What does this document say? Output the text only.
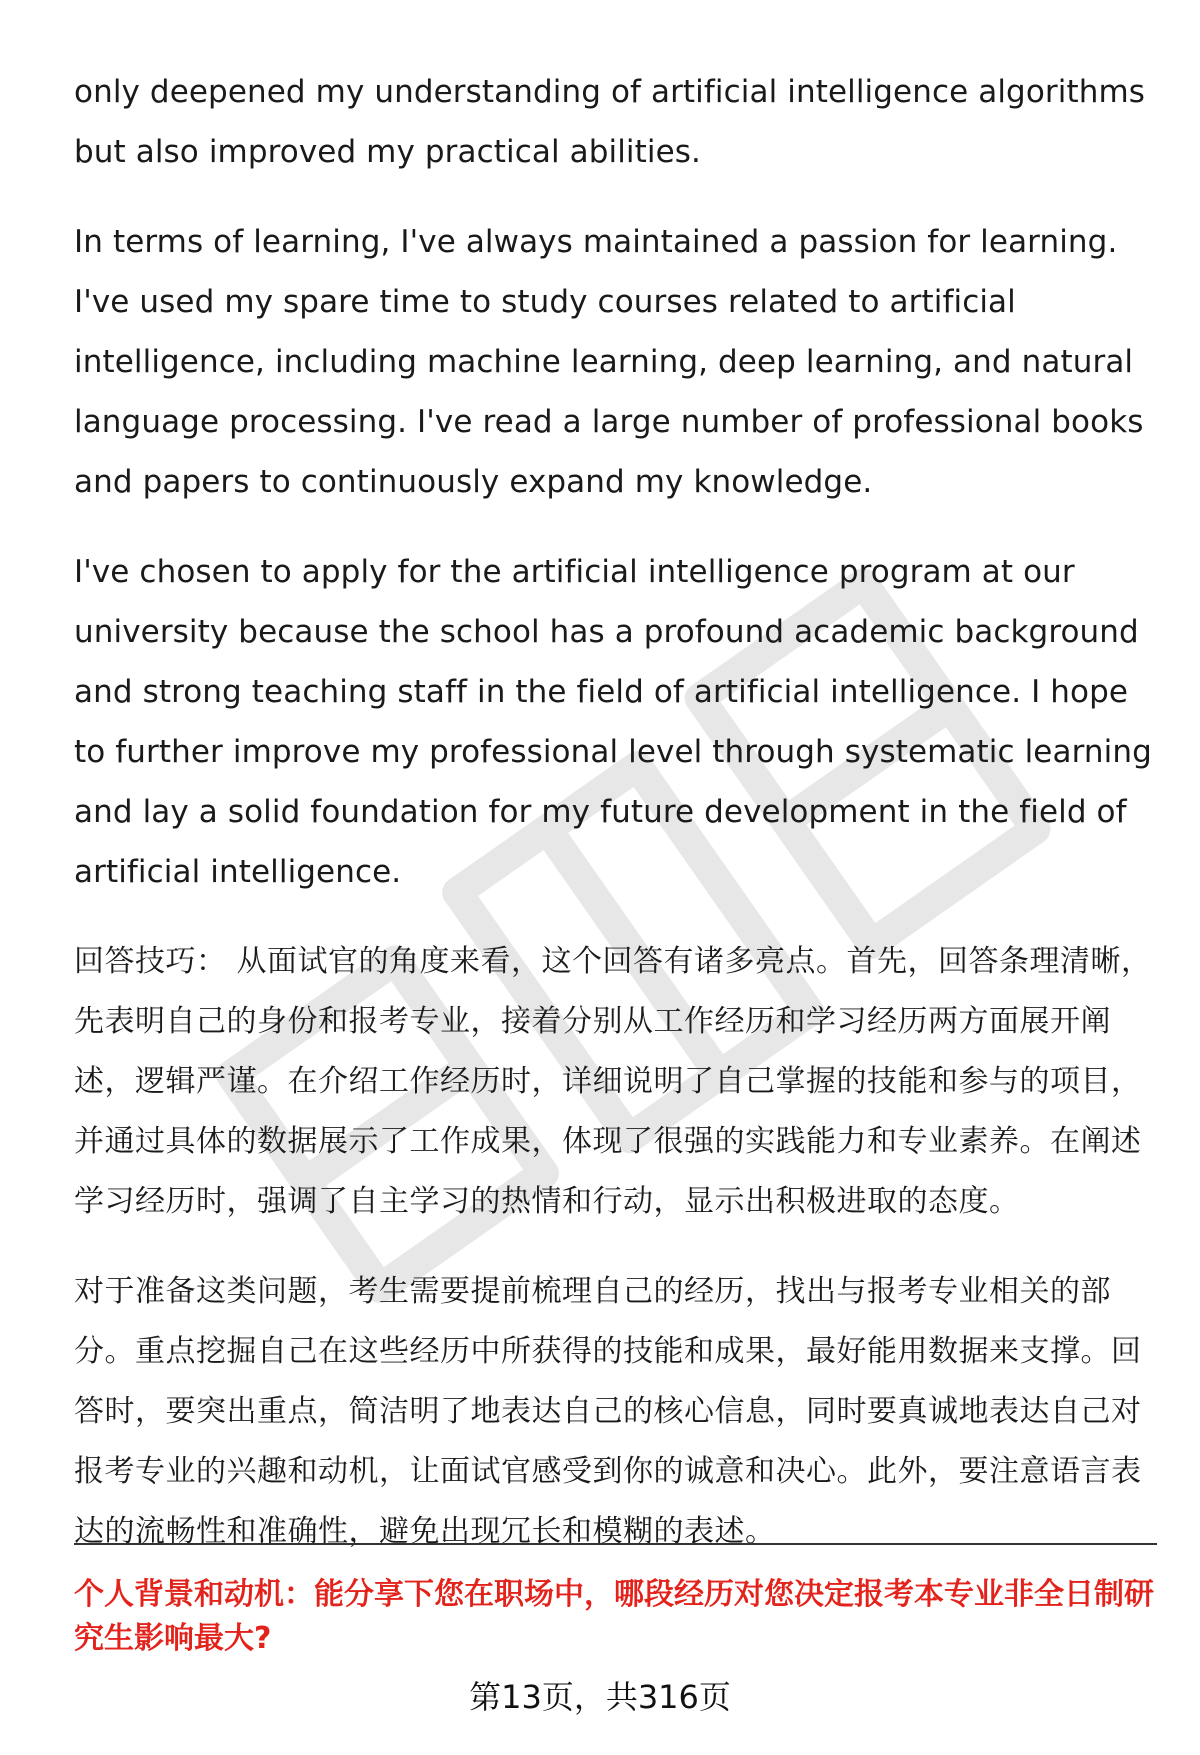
only deepened my understanding of artificial intelligence algorithms but also improved my practical abilities.

In terms of learning, I've always maintained a passion for learning. I've used my spare time to study courses related to artificial intelligence, including machine learning, deep learning, and natural language processing. I've read a large number of professional books and papers to continuously expand my knowledge.

I've chosen to apply for the artificial intelligence program at our university because the school has a profound academic background and strong teaching staff in the field of artificial intelligence. I hope to further improve my professional level through systematic learning and lay a solid foundation for my future development in the field of artificial intelligence.

回答技巧： 从面试官的角度来看，这个回答有诸多亮点。首先，回答条理清晰，先表明自己的身份和报考专业，接着分别从工作经历和学习经历两方面展开阐述，逻辑严谨。在介绍工作经历时，详细说明了自己掌握的技能和参与的项目，并通过具体的数据展示了工作成果，体现了很强的实践能力和专业素养。在阐述学习经历时，强调了自主学习的热情和行动，显示出积极进取的态度。

对于准备这类问题，考生需要提前梳理自己的经历，找出与报考专业相关的部分。重点挖掘自己在这些经历中所获得的技能和成果，最好能用数据来支撑。回答时，要突出重点，简洁明了地表达自己的核心信息，同时要真诚地表达自己对报考专业的兴趣和动机，让面试官感受到你的诚意和决心。此外，要注意语言表达的流畅性和准确性，避免出现冗长和模糊的表述。

个人背景和动机：能分享下您在职场中，哪段经历对您决定报考本专业非全日制研究生影响最大?

第13页，共316页
